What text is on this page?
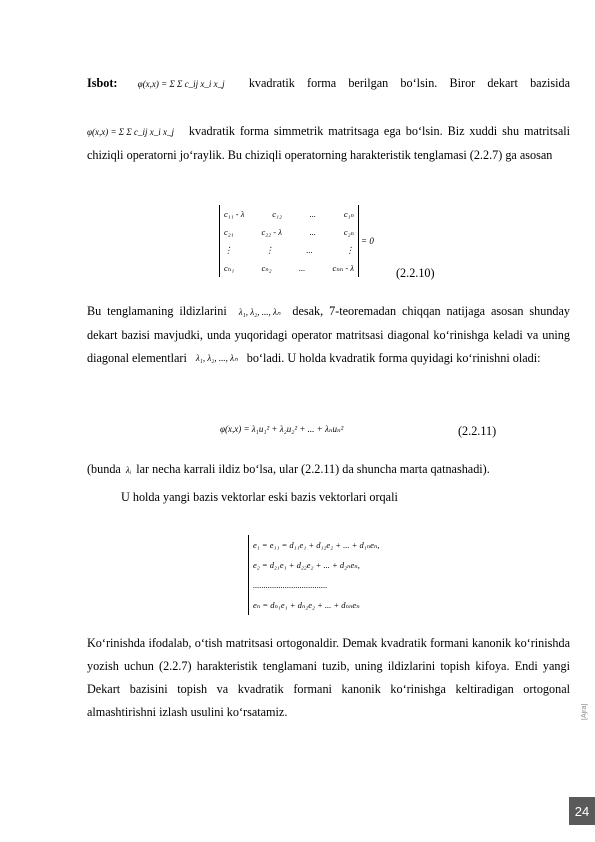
Isbot: φ(x,x) = Σ Σ c_ij x_i x_j kvadratik forma berilgan bo‘lsin. Biror dekart bazisida
φ(x,x) = Σ Σ c_ij x_i x_j kvadratik forma simmetrik matritsaga ega bo‘lsin. Biz xuddi shu matritsali chiziqli operatorni jo‘raylik. Bu chiziqli operatorning harakteristik tenglamasi (2.2.7) ga asosan
c₁₁ - λ	c₁₂	...	c₁ₙ
c₂₁	c₂₂ - λ	...	c₂ₙ
⋮	⋮	...	⋮
cₙ₁	cₙ₂	...	cₙₙ - λ
= 0
(2.2.10)
Bu tenglamaning ildizlarini λ₁, λ₂, ..., λₙ desak, 7-teoremadan chiqqan natijaga asosan shunday dekart bazisi mavjudki, unda yuqoridagi operator matritsasi diagonal ko‘rinishga keladi va uning diagonal elementlari λ₁, λ₂, ..., λₙ bo‘ladi. U holda kvadratik forma quyidagi ko‘rinishni oladi:
φ(x,x) = λ₁u₁² + λ₂u₂² + ... + λₙuₙ²	(2.2.11)
(bunda λᵢ lar necha karrali ildiz bo‘lsa, ular (2.2.11) da shuncha marta qatnashadi).
U holda yangi bazis vektorlar eski bazis vektorlari orqali
e₁ = e₁₁ = d₁₁e₁ + d₁₂e₂ + ... + d₁ₙeₙ,
e₂ = d₂₁e₁ + d₂₂e₂ + ... + d₂ₙeₙ,
...................................
eₙ = dₙ₁e₁ + dₙ₂e₂ + ... + dₙₙeₙ
Ko‘rinishda ifodalab, o‘tish matritsasi ortogonaldir. Demak kvadratik formani kanonik ko‘rinishda yozish uchun (2.2.7) harakteristik tenglamani tuzib, uning ildizlarini topish kifoya. Endi yangi Dekart bazisini topish va kvadratik formani kanonik ko‘rinishga keltiradigan ortogonal almashtirishni izlash usulini ko‘rsatamiz.	[Ajra]
24
